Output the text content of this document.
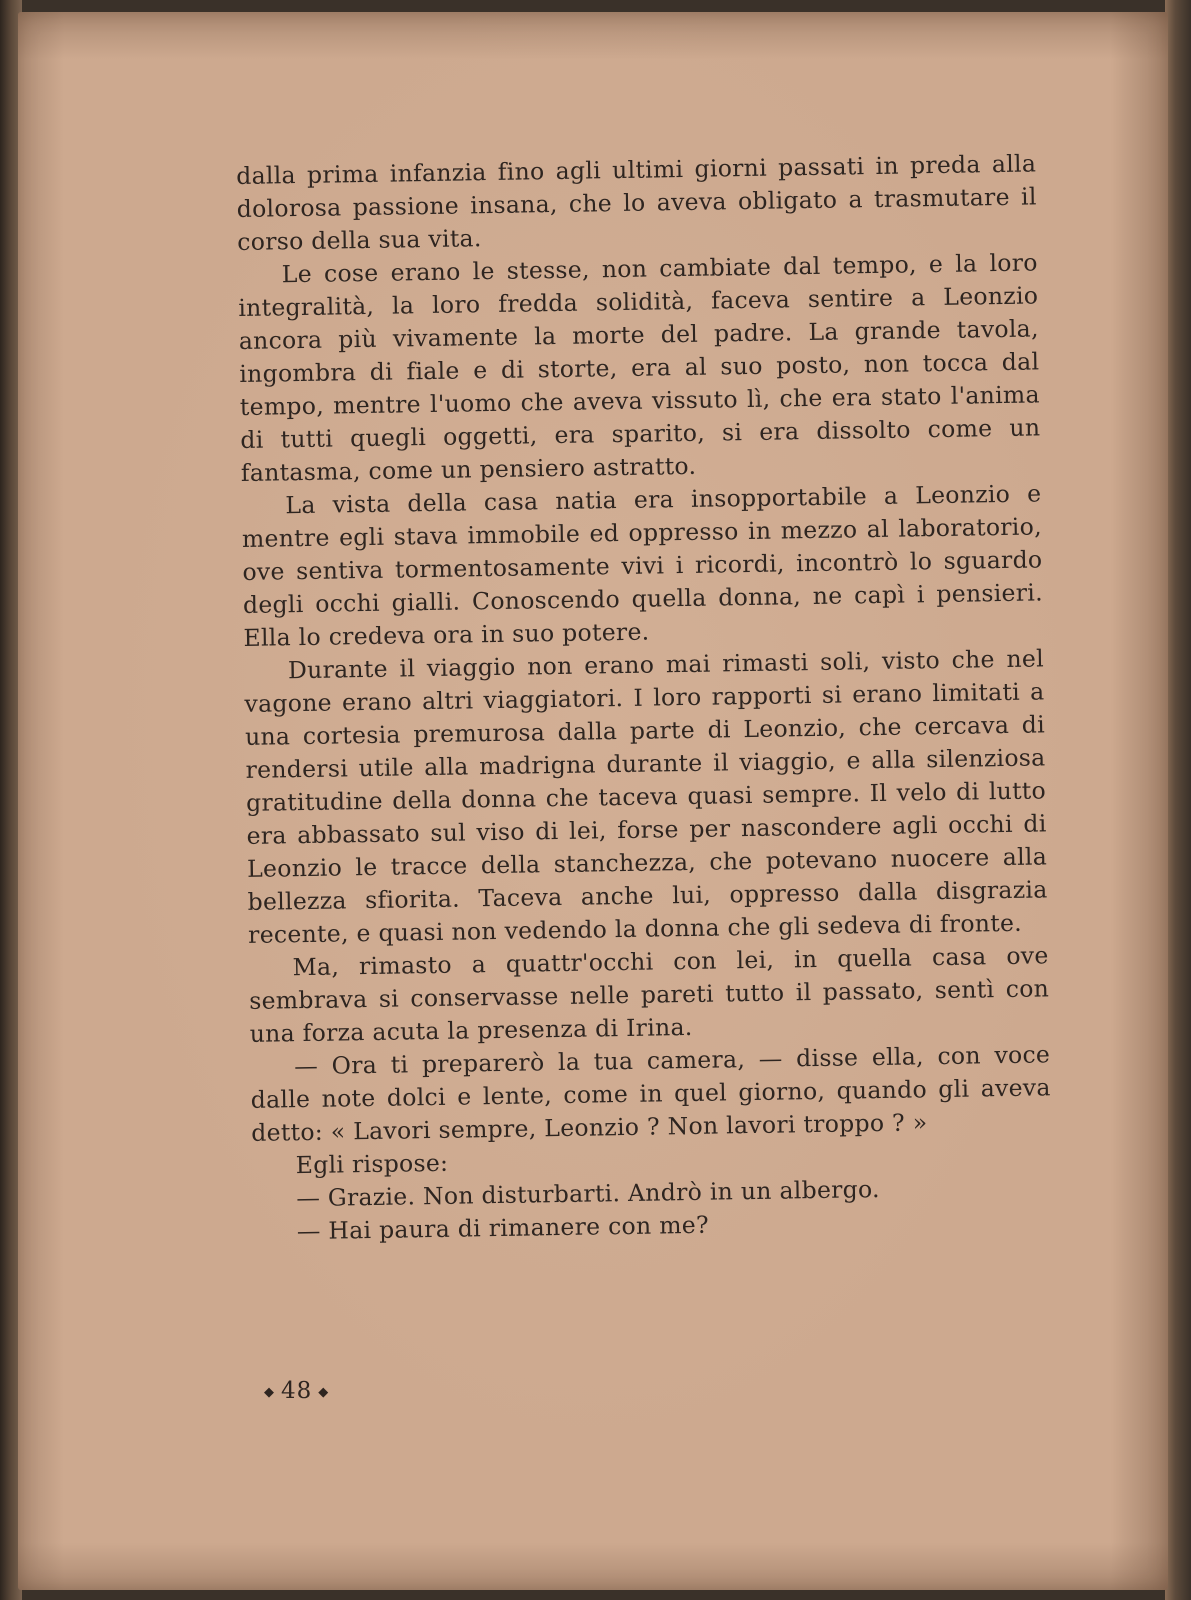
dalla prima infanzia fino agli ultimi giorni passati in preda alla dolorosa passione insana, che lo aveva obligato a trasmutare il corso della sua vita.

Le cose erano le stesse, non cambiate dal tempo, e la loro integralità, la loro fredda solidità, faceva sentire a Leonzio ancora più vivamente la morte del padre. La grande tavola, ingombra di fiale e di storte, era al suo posto, non tocca dal tempo, mentre l'uomo che aveva vissuto lì, che era stato l'anima di tutti quegli oggetti, era sparito, si era dissolto come un fantasma, come un pensiero astratto.

La vista della casa natia era insopportabile a Leonzio e mentre egli stava immobile ed oppresso in mezzo al laboratorio, ove sentiva tormentosamente vivi i ricordi, incontrò lo sguardo degli occhi gialli. Conoscendo quella donna, ne capì i pensieri. Ella lo credeva ora in suo potere.

Durante il viaggio non erano mai rimasti soli, visto che nel vagone erano altri viaggiatori. I loro rapporti si erano limitati a una cortesia premurosa dalla parte di Leonzio, che cercava di rendersi utile alla madrigna durante il viaggio, e alla silenziosa gratitudine della donna che taceva quasi sempre. Il velo di lutto era abbassato sul viso di lei, forse per nascondere agli occhi di Leonzio le tracce della stanchezza, che potevano nuocere alla bellezza sfiorita. Taceva anche lui, oppresso dalla disgrazia recente, e quasi non vedendo la donna che gli sedeva di fronte.

Ma, rimasto a quattr'occhi con lei, in quella casa ove sembrava si conservasse nelle pareti tutto il passato, sentì con una forza acuta la presenza di Irina.

— Ora ti preparerò la tua camera, — disse ella, con voce dalle note dolci e lente, come in quel giorno, quando gli aveva detto: « Lavori sempre, Leonzio ? Non lavori troppo ? »

Egli rispose:

— Grazie. Non disturbarti. Andrò in un albergo.

— Hai paura di rimanere con me?

◆ 48 ◆
